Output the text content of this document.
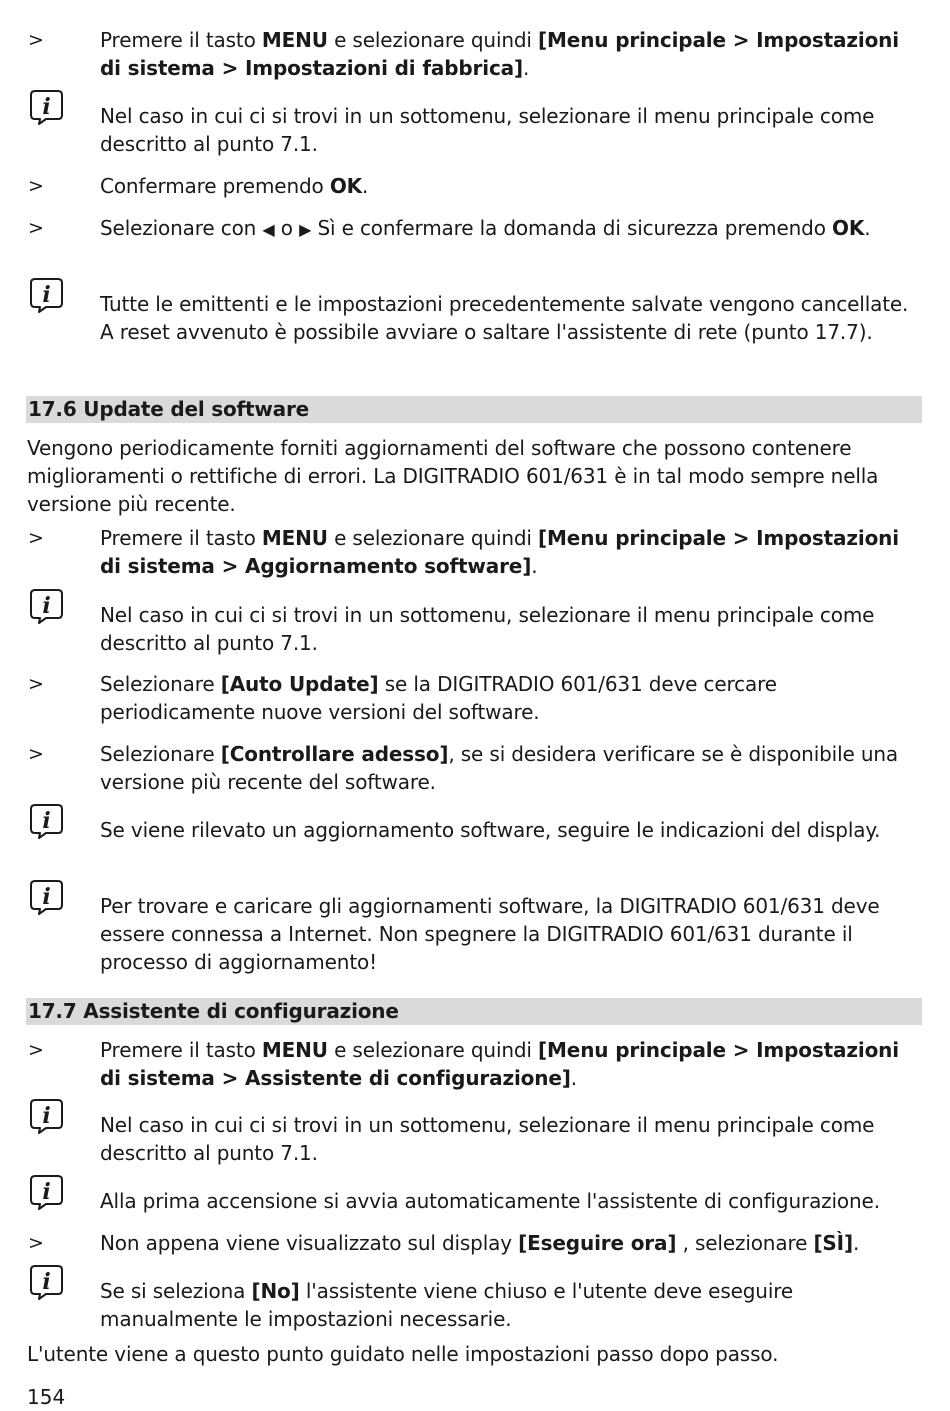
>	Premere il tasto MENU e selezionare quindi [Menu principale > Impostazioni di sistema > Impostazioni di fabbrica].
i Nel caso in cui ci si trovi in un sottomenu, selezionare il menu principale come descritto al punto 7.1.
>	Confermare premendo OK.
>	Selezionare con ◀ o ▶ Sì e confermare la domanda di sicurezza premendo OK.
i Tutte le emittenti e le impostazioni precedentemente salvate vengono cancellate. A reset avvenuto è possibile avviare o saltare l'assistente di rete (punto 17.7).
17.6 Update del software
Vengono periodicamente forniti aggiornamenti del software che possono contenere miglioramenti o rettifiche di errori. La DIGITRADIO 601/631 è in tal modo sempre nella versione più recente.
>	Premere il tasto MENU e selezionare quindi [Menu principale > Impostazioni di sistema > Aggiornamento software].
i Nel caso in cui ci si trovi in un sottomenu, selezionare il menu principale come descritto al punto 7.1.
>	Selezionare [Auto Update] se la DIGITRADIO 601/631 deve cercare periodicamente nuove versioni del software.
>	Selezionare [Controllare adesso], se si desidera verificare se è disponibile una versione più recente del software.
i Se viene rilevato un aggiornamento software, seguire le indicazioni del display.
i Per trovare e caricare gli aggiornamenti software, la DIGITRADIO 601/631 deve essere connessa a Internet. Non spegnere la DIGITRADIO 601/631 durante il processo di aggiornamento!
17.7 Assistente di configurazione
>	Premere il tasto MENU e selezionare quindi [Menu principale > Impostazioni di sistema > Assistente di configurazione].
i Nel caso in cui ci si trovi in un sottomenu, selezionare il menu principale come descritto al punto 7.1.
i Alla prima accensione si avvia automaticamente l'assistente di configurazione.
>	Non appena viene visualizzato sul display [Eseguire ora] , selezionare [SÌ].
i Se si seleziona [No] l'assistente viene chiuso e l'utente deve eseguire manualmente le impostazioni necessarie.
L'utente viene a questo punto guidato nelle impostazioni passo dopo passo.
154
